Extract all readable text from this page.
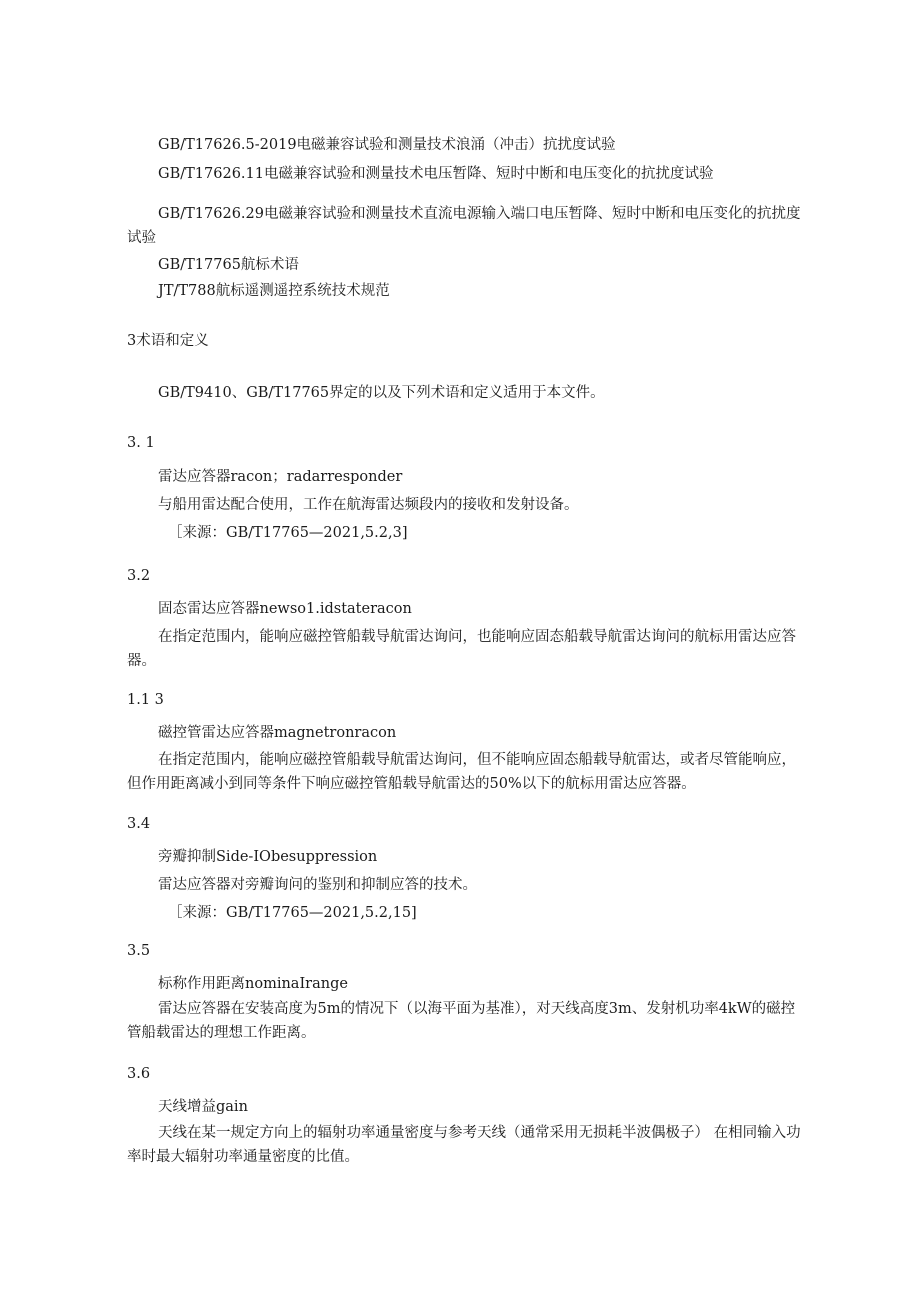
GB/T17626.5-2019电磁兼容试验和测量技术浪涌（冲击）抗扰度试验
GB/T17626.11电磁兼容试验和测量技术电压暂降、短时中断和电压变化的抗扰度试验
GB/T17626.29电磁兼容试验和测量技术直流电源输入端口电压暂降、短时中断和电压变化的抗扰度试验
GB/T17765航标术语
JT/T788航标遥测遥控系统技术规范
3术语和定义
GB/T9410、GB/T17765界定的以及下列术语和定义适用于本文件。
3. 1
雷达应答器racon；radarresponder
与船用雷达配合使用，工作在航海雷达频段内的接收和发射设备。
［来源：GB/T17765—2021,5.2,3]
3.2
固态雷达应答器newso1.idstateracon
在指定范围内，能响应磁控管船载导航雷达询问，也能响应固态船载导航雷达询问的航标用雷达应答器。
1.1 3
磁控管雷达应答器magnetronracon
在指定范围内，能响应磁控管船载导航雷达询问，但不能响应固态船载导航雷达，或者尽管能响应，但作用距离减小到同等条件下响应磁控管船载导航雷达的50%以下的航标用雷达应答器。
3.4
旁瓣抑制Side-IObesuppression
雷达应答器对旁瓣询问的鉴别和抑制应答的技术。
［来源：GB/T17765—2021,5.2,15]
3.5
标称作用距离nominaIrange
雷达应答器在安装高度为5m的情况下（以海平面为基准），对天线高度3m、发射机功率4kW的磁控管船载雷达的理想工作距离。
3.6
天线增益gain
天线在某一规定方向上的辐射功率通量密度与参考天线（通常采用无损耗半波偶极子） 在相同输入功率时最大辐射功率通量密度的比值。
